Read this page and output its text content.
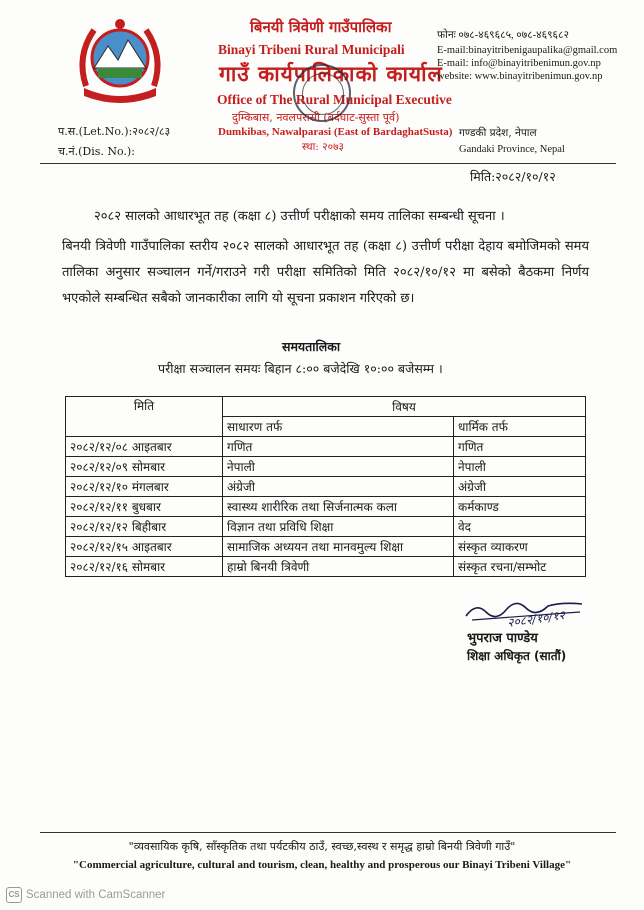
बिनयी त्रिवेणी गाउँपालिका
Binayi Tribeni Rural Municipali
गाउँ कार्यपालिकाको कार्याल
Office of The Rural Municipal Executive
दुम्किबास, नवलपरासी (बर्दघाट-सुस्ता पूर्व)
Dumkibas, Nawalparasi (East of BardaghatSusta)
स्था: २०७३
फोनः ०७८-४६९६८५, ०७८-४६९६८२
E-mail:binayitribenigaupalika@gmail.com
E-mail: info@binayitribenimun.gov.np
website: www.binayitribenimun.gov.np
प.स.(Let.No.):२०८२/८३
च.नं.(Dis. No.):
गण्डकी प्रदेश, नेपाल
Gandaki Province, Nepal
मिति:२०८२/१०/१२
२०८२ सालको आधारभूत तह (कक्षा ८) उत्तीर्ण परीक्षाको समय तालिका सम्बन्धी सूचना ।
बिनयी त्रिवेणी गाउँपालिका स्तरीय २०८२ सालको आधारभूत तह (कक्षा ८) उत्तीर्ण परीक्षा देहाय बमोजिमको समय तालिका अनुसार सञ्चालन गर्ने/गराउने गरी परीक्षा समितिको मिति २०८२/१०/१२ मा बसेको बैठकमा निर्णय भएकोले सम्बन्धित सबैको जानकारीका लागि यो सूचना प्रकाशन गरिएको छ।
समयतालिका
परीक्षा सञ्चालन समयः बिहान ८:०० बजेदेखि १०:०० बजेसम्म ।
मिति	विषय	
	साधारण तर्फ	धार्मिक तर्फ
२०८२/१२/०८ आइतबार	गणित	गणित
२०८२/१२/०९ सोमबार	नेपाली	नेपाली
२०८२/१२/१० मंगलबार	अंग्रेजी	अंग्रेजी
२०८२/१२/११ बुधबार	स्वास्थ्य शारीरिक तथा सिर्जनात्मक कला	कर्मकाण्ड
२०८२/१२/१२ बिहीबार	विज्ञान तथा प्रविधि शिक्षा	वेद
२०८२/१२/१५ आइतबार	सामाजिक अध्ययन तथा मानवमुल्य शिक्षा	संस्कृत व्याकरण
२०८२/१२/१६ सोमबार	हाम्रो बिनयी त्रिवेणी	संस्कृत रचना/सम्भोट
२०८२/१०/१२
भुपराज पाण्डेय
शिक्षा अधिकृत (सातौं)
"व्यवसायिक कृषि, साँस्कृतिक तथा पर्यटकीय ठाउँ, स्वच्छ,स्वस्थ र समृद्ध हाम्रो बिनयी त्रिवेणी गाउँ"
"Commercial agriculture, cultural and tourism, clean, healthy and prosperous our Binayi Tribeni Village"
CS Scanned with CamScanner
